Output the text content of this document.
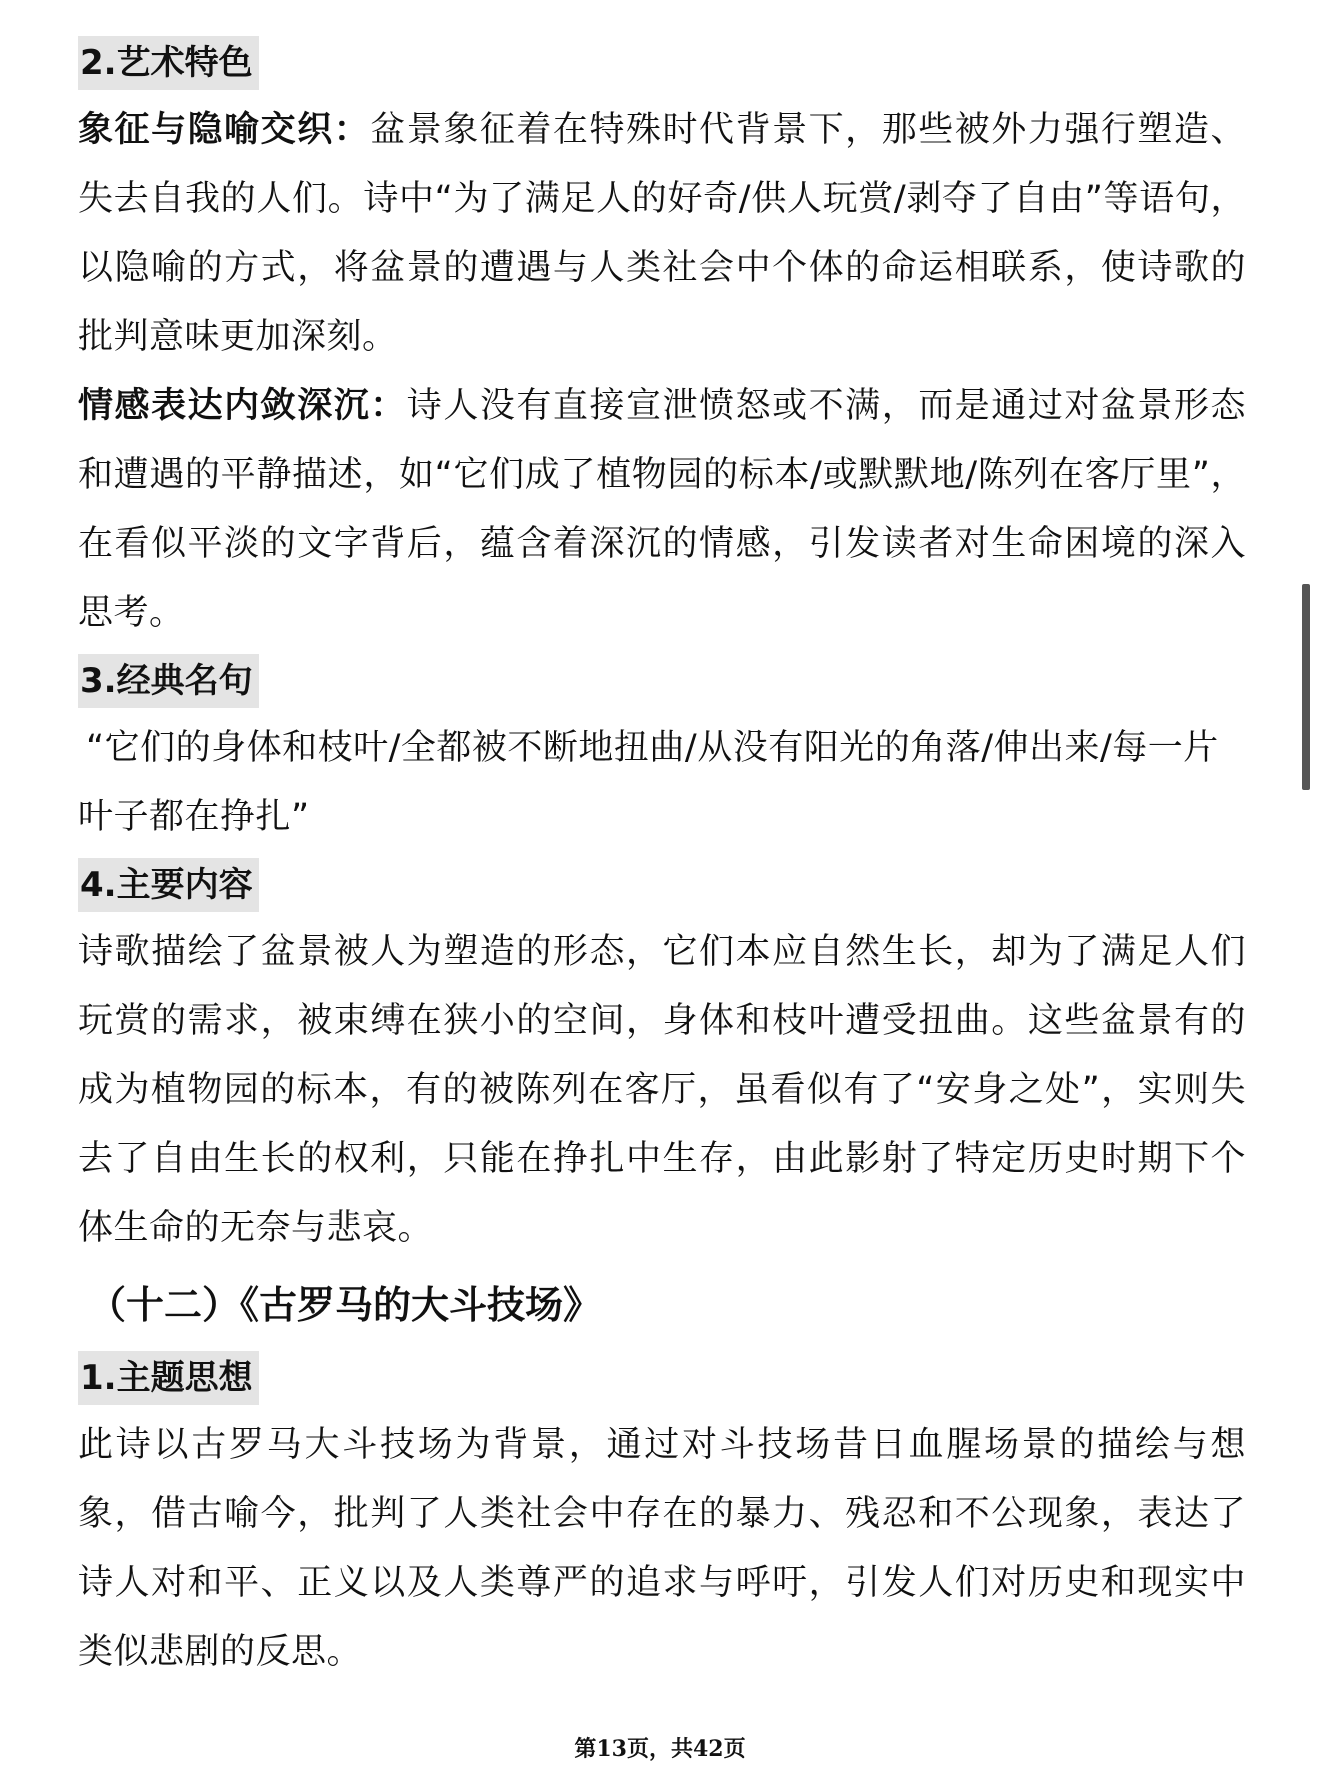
2.艺术特色

象征与隐喻交织：盆景象征着在特殊时代背景下，那些被外力强行塑造、失去自我的人们。诗中“为了满足人的好奇/供人玩赏/剥夺了自由”等语句，以隐喻的方式，将盆景的遭遇与人类社会中个体的命运相联系，使诗歌的批判意味更加深刻。

情感表达内敛深沉：诗人没有直接宣泄愤怒或不满，而是通过对盆景形态和遭遇的平静描述，如“它们成了植物园的标本/或默默地/陈列在客厅里”，在看似平淡的文字背后，蕴含着深沉的情感，引发读者对生命困境的深入思考。

3.经典名句

“它们的身体和枝叶/全都被不断地扭曲/从没有阳光的角落/伸出来/每一片叶子都在挣扎”

4.主要内容

诗歌描绘了盆景被人为塑造的形态，它们本应自然生长，却为了满足人们玩赏的需求，被束缚在狭小的空间，身体和枝叶遭受扭曲。这些盆景有的成为植物园的标本，有的被陈列在客厅，虽看似有了“安身之处”，实则失去了自由生长的权利，只能在挣扎中生存，由此影射了特定历史时期下个体生命的无奈与悲哀。

（十二）《古罗马的大斗技场》
1.主题思想

此诗以古罗马大斗技场为背景，通过对斗技场昔日血腥场景的描绘与想象，借古喻今，批判了人类社会中存在的暴力、残忍和不公现象，表达了诗人对和平、正义以及人类尊严的追求与呼吁，引发人们对历史和现实中类似悲剧的反思。

第13页，共42页
